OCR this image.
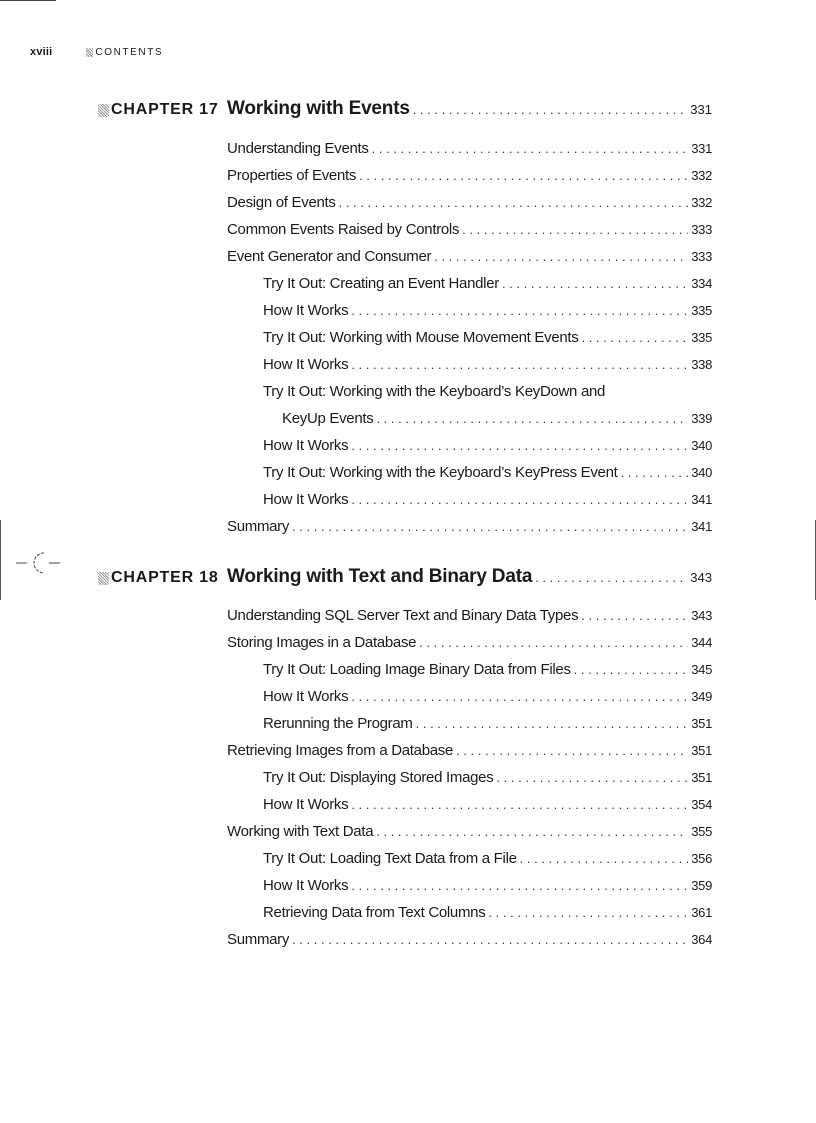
xviii	CONTENTS
CHAPTER 17 Working with Events . . .	331
Understanding Events . . .	331
Properties of Events . . .	332
Design of Events . . .	332
Common Events Raised by Controls . . .	333
Event Generator and Consumer . . .	333
Try It Out: Creating an Event Handler . . .	334
How It Works . . .	335
Try It Out: Working with Mouse Movement Events . . .	335
How It Works . . .	338
Try It Out: Working with the Keyboard’s KeyDown and
KeyUp Events . . .	339
How It Works . . .	340
Try It Out: Working with the Keyboard’s KeyPress Event . . .	340
How It Works . . .	341
Summary . . .	341
CHAPTER 18 Working with Text and Binary Data . . .	343
Understanding SQL Server Text and Binary Data Types . . .	343
Storing Images in a Database . . .	344
Try It Out: Loading Image Binary Data from Files . . .	345
How It Works . . .	349
Rerunning the Program . . .	351
Retrieving Images from a Database . . .	351
Try It Out: Displaying Stored Images . . .	351
How It Works . . .	354
Working with Text Data . . .	355
Try It Out: Loading Text Data from a File . . .	356
How It Works . . .	359
Retrieving Data from Text Columns . . .	361
Summary . . .	364
